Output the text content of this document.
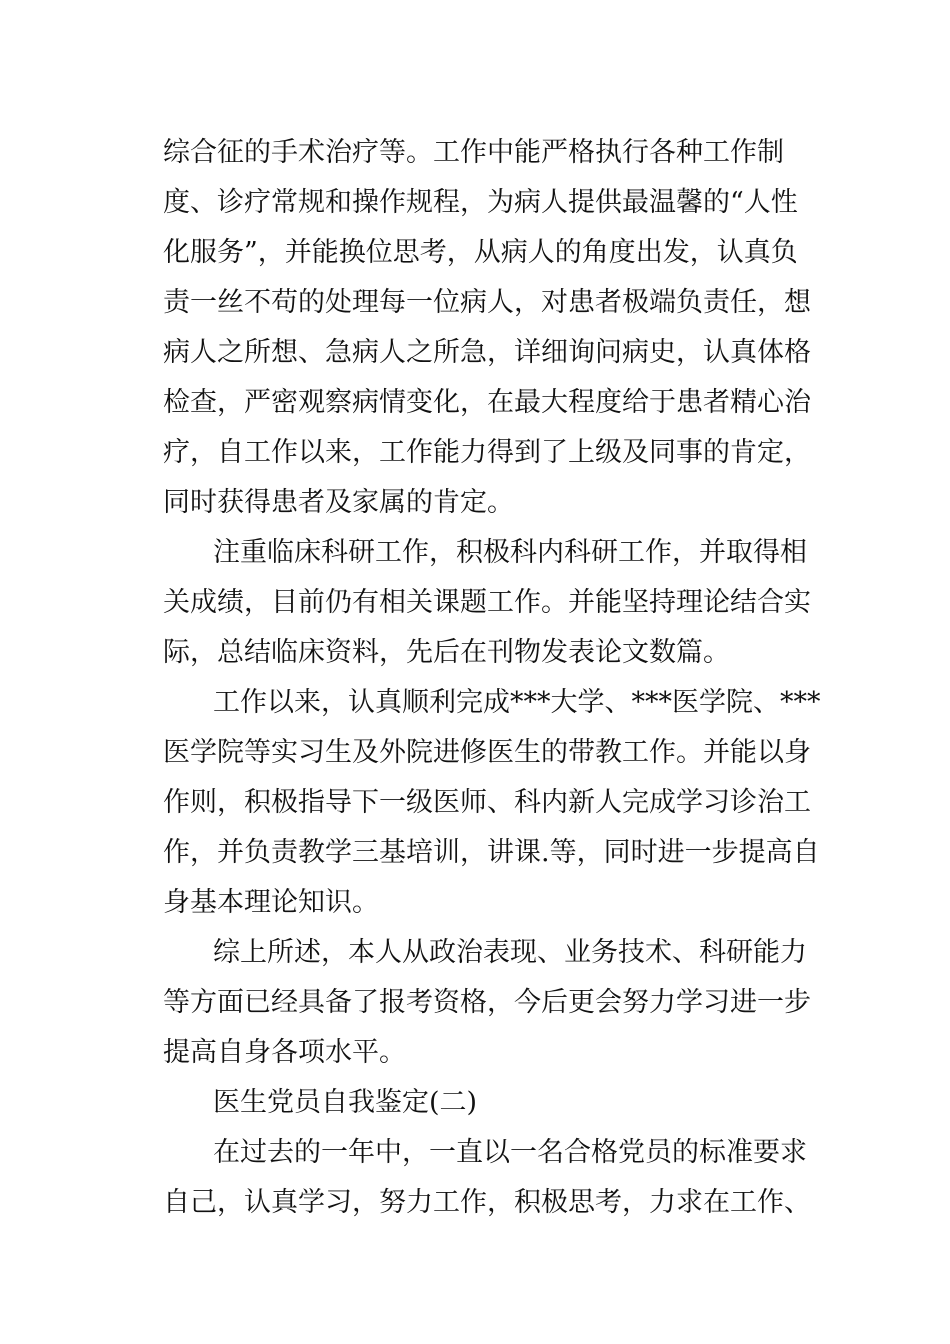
综合征的手术治疗等。工作中能严格执行各种工作制
度、诊疗常规和操作规程，为病人提供最温馨的“人性
化服务”，并能换位思考，从病人的角度出发，认真负
责一丝不苟的处理每一位病人，对患者极端负责任，想
病人之所想、急病人之所急，详细询问病史，认真体格
检查，严密观察病情变化，在最大程度给于患者精心治
疗，自工作以来，工作能力得到了上级及同事的肯定，
同时获得患者及家属的肯定。
注重临床科研工作，积极科内科研工作，并取得相
关成绩，目前仍有相关课题工作。并能坚持理论结合实
际，总结临床资料，先后在刊物发表论文数篇。
工作以来，认真顺利完成***大学、***医学院、***
医学院等实习生及外院进修医生的带教工作。并能以身
作则，积极指导下一级医师、科内新人完成学习诊治工
作，并负责教学三基培训，讲课.等，同时进一步提高自
身基本理论知识。
综上所述，本人从政治表现、业务技术、科研能力
等方面已经具备了报考资格，今后更会努力学习进一步
提高自身各项水平。
医生党员自我鉴定(二)
在过去的一年中，一直以一名合格党员的标准要求
自己，认真学习，努力工作，积极思考，力求在工作、
